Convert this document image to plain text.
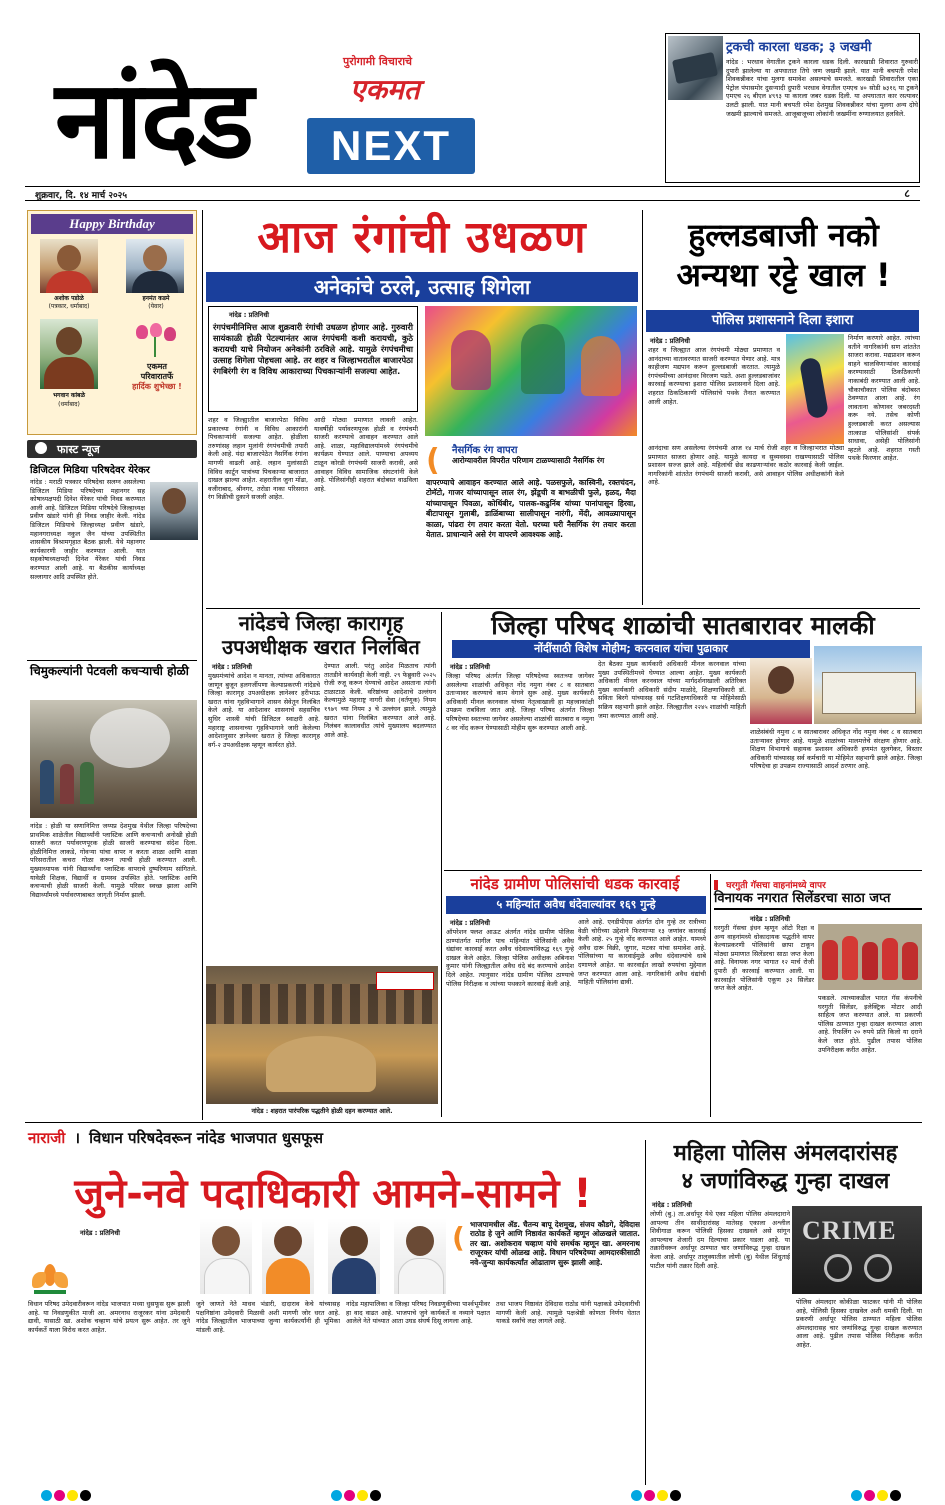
नांदेड	पुरोगामी विचाराचे
एकमत
NEXT
ट्रकची कारला धडक; ३ जखमी
नांदेड : भरधाव वेगातील ट्रकने कारला धडक दिली. कारखाडी शिवारात गुरुवारी दुपारी झालेल्या या अपघातात तिघे जण जखमी झाले. यात मानी बचपती रमेश शिवकन्नीकर यांचा मुलगा समावेश असल्याचे समजते. कारखडी शिवारातील एका पेट्रोल पंपासमोर दुसऱ्यादी दुपारी भरधाव वेगातील एमएच ४० सोडी ७३१६ या ट्रकने एमएच २६ बीएल ४९९३ या कारला जबर धडक दिली. या अपघातात कार रस्त्यावर उलटी झाली. यात मानी बचपती रमेश देशमुख शिवकन्नीकर यांचा मुलगा अन्य दोघे जखमी झाल्याचे समजते. आजूबाजूच्या लोकांनी जखमींना रुग्णालयात हलविले.
शुक्रवार, दि. १४ मार्च २०२५	८
Happy Birthday
अशोक पडोळे
(पत्रकार, धर्माबाद)
हनमंत कडमे
(येवार)
भगवान कांबळे
(धर्माबाद)
एकमत
परिवारातर्फे
हार्दिक शुभेच्छा !
फास्ट न्यूज
डिजिटल मिडिया परिषदेवर येरेकर
नांदेड : मराठी पत्रकार परिषदेचा सलग्न असलेल्या डिजिटल मिडिया परिषदेच्या महानगर सह कोषाध्यक्षपदी दिनेश येरेकर यांची निवड करण्यात आली आहे. डिजिटल मिडिया परिषदेचे जिल्हाध्यक्ष प्रवीण खंडारे यांनी ही निवड जाहीर केली. नांदेड डिजिटल मिडियाचे जिल्हाध्यक्ष प्रवीण खंडारे, महानगराध्यक्ष नकुल जैन यांच्या उपस्थितीत शासकीय विश्रामगृहात बैठक झाली. येथे महानगर कार्यकारणी जाहीर करण्यात आली. यात सहकोषाध्यक्षपदी दिनेश येरेकर यांची निवड करण्यात आली आहे. या बैठकीस कार्याध्यक्ष सल्लागार आदि उपस्थित होते.
चिमुकल्यांनी पेटवली कचऱ्याची होळी
नांदेड : होळी या सणानिमित्त जय्यप्र देशमुख येथील जिल्हा परिषदेच्या प्राथमिक शाळेतील विद्यार्थ्यांनी प्लास्टिक आणि कचऱ्याची अनोखी होळी साजरी करत पर्यावरणपूरक होळी साजरी करण्याचा संदेश दिला. होळीनिमित्त लाकडे, गोवऱ्या यांचा वापर न करता शाळा आणि शाळा परिसरातील कचरा गोळा करून त्याची होळी करण्यात आली. मुख्याध्यापक यांनी विद्यार्थ्यांना प्लास्टिक वापराचे दुष्परिणाम सांगितले. यावेळी शिक्षक, विद्यार्थी व ग्रामस्थ उपस्थित होते. प्लास्टिक आणि कचऱ्याची होळी साजरी केली. यामुळे परिसर स्वच्छ झाला आणि विद्यार्थ्यांमध्ये पर्यावरणाबाबत जागृती निर्माण झाली.
आज रंगांची उधळण
अनेकांचे ठरले, उत्साह शिगेला
नांदेड : प्रतिनिधी
रंगपंचमीनिमित्त आज शुक्रवारी रंगांची उधळण होणार आहे. गुरुवारी सायंकाळी होळी पेटल्यानंतर आज रंगपंचमी कशी करायची, कुठे करायची याचे नियोजन अनेकांनी ठरविले आहे. यामुळे रंगपंचमीचा उत्साह शिगेला पोहचला आहे. तर शहर व जिल्हाभरातील बाजारपेठा रंगबिरंगी रंग व विविध आकाराच्या पिचकाऱ्यांनी सजल्या आहेत.
शहर व जिल्ह्यातील बाजारपेठा विविध प्रकारच्या रंगांनी व विविध आकारांनी पिचकाऱ्यांनी सजल्या आहेत. होळीला तरुणांसह लहान मुलांनी रंगपंचमीची तयारी केली आहे. यंदा बाजारपेठेत नैसर्गिक रंगांना मागणी वाढली आहे. लहान मुलांसाठी विविध कार्टून पात्रांच्या पिचकाऱ्या बाजारात दाखल झाल्या आहेत. शहरातील जुना मोंढा, वजीराबाद, श्रीनगर, तरोडा नाका परिसरात रंग विक्रीची दुकाने सजली आहेत.
आदी मोठ्या प्रमाणात लावली आहेत. यावर्षीही पर्यावरणपूरक होळी व रंगपंचमी साजरी करण्याचे आवाहन करण्यात आले आहे. शाळा, महाविद्यालयांमध्ये रंगपंचमीचे कार्यक्रम घेण्यात आले. पाण्याचा अपव्यय टाळून कोरडी रंगपंचमी साजरी करावी, असे आवाहन विविध सामाजिक संघटनांनी केले आहे. पोलिसांनीही शहरात बंदोबस्त वाढविला आहे.
( नैसर्गिक रंग वापरा
आरोग्यावरील विपरीत परिणाम टाळण्यासाठी नैसर्गिक रंग
वापरण्याचे आवाहन करण्यात आले आहे. पळसफुले, कास्विनी, रक्तचंदन, टोमॅटो, गाजर यांच्यापासून लाल रंग, झेंडूची व बाभळीची फुले, हळद, मैदा यांच्यापासून पिवळा, कोथिंबीर, पालक-कढुनिंब यांच्या पानांपासून हिरवा, बीटापासून गुलाबी, डाळिंबाच्या सालीपासून नारंगी, मेंदी, आवळ्यापासून काळा, पांढरा रंग तयार करता येतो. घरच्या घरी नैसर्गिक रंग तयार करता येतात. प्राधान्याने असे रंग वापरणे आवश्यक आहे.
हुल्लडबाजी नको
अन्यथा रट्टे खाल !
पोलिस प्रशासनाने दिला इशारा
नांदेड : प्रतिनिधी
शहर व जिल्ह्यात आज रंगपंचमी मोठ्या प्रमाणात व आनंदाच्या वातावरणात साजरी करण्यात येणार आहे. मात्र काहीजण मद्यपान करून हुल्लडबाजी करतात. त्यामुळे रंगपंचमीच्या आनंदावर विरजण पडते. अशा हुल्लडबाजांवर कारवाई करण्याचा इशारा पोलिस प्रशासनाने दिला आहे. शहरात ठिकठिकाणी पोलिसांचे पथके तैनात करण्यात आली आहेत.
आनंदाचा सण असलेल्या रंगपंचमी आज १४ मार्च रोजी शहर व जिल्हाभरात मोठ्या प्रमाणात साजरा होणार आहे. यामुळे कायदा व सुव्यवस्था राखण्यासाठी पोलिस प्रशासन सज्ज झाले आहे. महिलांची छेड काढणाऱ्यांवर कठोर कारवाई केली जाईल. नागरिकांनी शांततेत रंगपंचमी साजरी करावी, असे आवाहन पोलिस अधीक्षकांनी केले आहे.
निर्माण करणारे आहेत. त्यांच्या वतीने नागरिकांनी सण शांततेत साजरा करावा. मद्यप्राशन करून वाहने चालविणाऱ्यांवर कारवाई करण्यासाठी ठिकठिकाणी नाकाबंदी करण्यात आली आहे. चौकाचौकात पोलिस बंदोबस्त ठेवण्यात आला आहे. रंग लावताना कोणावर जबरदस्ती करू नये. तसेच कोणी हुल्लडबाजी करत असल्यास तात्काळ पोलिसांशी संपर्क साधावा, असेही पोलिसांनी म्हटले आहे. शहरात गस्ती पथके फिरणार आहेत.
नांदेडचे जिल्हा कारागृह
उपअधीक्षक खरात निलंबित
नांदेड : प्रतिनिधी
मुख्यमंत्र्यांचे आदेश न मानता, त्यांच्या अधिकारात जाणून बुजून हलगर्जीपणा केल्याप्रकरणी नांदेडचे जिल्हा कारागृह उपअधीक्षक ज्ञानेश्वर हरीभाऊ खरात यांना गृहविभागाने शासन सेवेतून निलंबित केले आहे. या आदेशावर शासनाचे सहसचिव सुधिर शास्त्री यांची डिजिटल स्वाक्षरी आहे. महाराष्ट्र शासनाच्या गृहविभागाने जारी केलेल्या आदेशानुसार ज्ञानेश्वर खरात हे जिल्हा कारागृह वर्ग-२ उपअधीक्षक म्हणून कार्यरत होते.
देण्यात आली. परंतु आदेश मिळताच त्यांनी तातडीने कार्यवाही केली नाही. २९ फेब्रुवारी २०२५ रोजी रुजू करून घेण्याचे आदेश असताना त्यांनी टाळाटाळ केली. वरिष्ठांच्या आदेशाचे उल्लंघन केल्यामुळे महाराष्ट्र नागरी सेवा (वर्तणूक) नियम १९७९ च्या नियम ३ चे उल्लंघन झाले. त्यामुळे खरात यांना निलंबित करण्यात आले आहे. निलंबन कालावधीत त्यांचे मुख्यालय बदलण्यात आले आहे.
नांदेड : शहरात पारंपरिक पद्धतीने होळी दहन करण्यात आले.
जिल्हा परिषद शाळांची सातबारावर मालकी
नोंदींसाठी विशेष मोहीम; करनवाल यांचा पुढाकार
नांदेड : प्रतिनिधी
जिल्हा परिषद अंतर्गत जिल्हा परिषदेच्या स्वतःच्या जागेवर असलेल्या शाळांची अधिकृत नोंद नमुना नंबर ८ व सातबारा उताऱ्यावर करण्याचे काम वेगाने सुरू आहे. मुख्य कार्यकारी अधिकारी मीनल करनवाल यांच्या नेतृत्वाखाली हा महत्त्वाकांक्षी उपक्रम राबविला जात आहे. जिल्हा परिषद अंतर्गत जिल्हा परिषदेच्या स्वतःच्या जागेवर असलेल्या शाळांची सातबारा व नमुना ८ वर नोंद करून घेण्यासाठी मोहीम सुरू करण्यात आली आहे.
देत बैठका मुख्य कार्यकारी अधिकारी मीनल करनवाल यांच्या मुख्य उपस्थितीमध्ये घेण्यात आल्या आहेत. मुख्य कार्यकारी अधिकारी मीनल करनवाल यांच्या मार्गदर्शनाखाली अतिरिक्त मुख्य कार्यकारी अधिकारी संदीप माळोदे, शिक्षणाधिकारी डॉ. सविता बिरगे यांच्यासह सर्व गटशिक्षणाधिकारी या मोहिमेसाठी सक्रिय सहभागी झाले आहेत. जिल्ह्यातील २२४५ शाळांची माहिती जमा करण्यात आली आहे.
शाळेसंबंधी नमुना ८ व सातबारावर अधिकृत नोंद नमुना नंबर ८ व सातबारा उताऱ्यावर होणार आहे. यामुळे शाळांच्या मालमत्तेचे संरक्षण होणार आहे. शिक्षण विभागाचे सहायक प्रशासन अधिकारी हणमंत सुलगेकर, विस्तार अधिकारी यांच्यासह सर्व कर्मचारी या मोहिमेत सहभागी झाले आहेत. जिल्हा परिषदेचा हा उपक्रम राज्यासाठी आदर्श ठरणार आहे.
नांदेड ग्रामीण पोलिसांची धडक कारवाई
५ महिन्यांत अवैध धंदेवाल्यांवर १६९ गुन्हे
नांदेड : प्रतिनिधी
ऑपरेशन फ्लश आऊट अंतर्गत नांदेड ग्रामीण पोलिस ठाण्यांतर्गत मागील पाच महिन्यांत पोलिसांनी अवैध धंद्यांवर कारवाई करत अवैध धंदेवाल्यांविरुद्ध १६९ गुन्हे दाखल केले आहेत. जिल्हा पोलिस अधीक्षक अबिनाश कुमार यांनी जिल्ह्यातील अवैध धंदे बंद करण्याचे आदेश दिले आहेत. त्यानुसार नांदेड ग्रामीण पोलिस ठाण्याचे पोलिस निरीक्षक व त्यांच्या पथकाने कारवाई केली आहे.
आले आहे. एनडीपीएस अंतर्गत दोन गुन्हे तर रात्रीच्या वेळी चोरीच्या उद्देशाने फिरणाऱ्या १३ जणांवर कारवाई केली आहे. २५ गुन्हे नोंद करण्यात आले आहेत. यामध्ये अवैध दारू विक्री, जुगार, मटका यांचा समावेश आहे. पोलिसांच्या या कारवाईमुळे अवैध धंदेवाल्यांचे धाबे दणाणले आहेत. या कारवाईत लाखो रुपयांचा मुद्देमाल जप्त करण्यात आला आहे. नागरिकांनी अवैध धंद्यांची माहिती पोलिसांना द्यावी.
घरगुती गॅसचा वाहनांमध्ये वापर
विनायक नगरात सिलेंडरचा साठा जप्त
नांदेड : प्रतिनिधी
घरगुती गॅसचा इंधन म्हणून ऑटो रिक्षा व अन्य वाहनांमध्ये धोकादायक पद्धतीने वापर केल्याप्रकरणी पोलिसांनी छापा टाकून मोठ्या प्रमाणात सिलेंडरचा साठा जप्त केला आहे. विनायक नगर भागात १२ मार्च रोजी दुपारी ही कारवाई करण्यात आली. या कारवाईत पोलिसांनी एकूण ३२ सिलेंडर जप्त केले आहेत.
पकडले. त्याच्याकडील भारत गॅस कंपनीचे घरगुती सिलेंडर, इलेक्ट्रिक मोटार आदी साहित्य जप्त करण्यात आले. या प्रकरणी पोलिस ठाण्यात गुन्हा दाखल करण्यात आला आहे. रिफलिंग २० रुपये प्रति किलो या दराने केले जात होते. पुढील तपास पोलिस उपनिरीक्षक करीत आहेत.
नाराजी । विधान परिषदेवरून नांदेड भाजपात धुसफूस
जुने-नवे पदाधिकारी आमने-सामने !
नांदेड : प्रतिनिधी	( भाजपामधील ॲड. चैतन्य बापू देशमुख, संजय कौडगे, देविदास राठोड हे जुने आणि निष्ठावंत कार्यकर्ते म्हणून ओळखले जातात. तर खा. अशोकराव चव्हाण यांचे समर्थक म्हणून खा. अमरनाथ राजूरकर यांची ओळख आहे. विधान परिषदेच्या आमदारकीसाठी नवे-जुन्या कार्यकर्त्यांत ओढाताण सुरू झाली आहे.
विधान परिषद उमेदवारीवरून नांदेड भाजपात मध्या धुसफूस सुरू झाली आहे. या निवडणुकीत माजी आ. अमरनाथ राजूरकर यांना उमेदवारी द्यावी, यासाठी खा. अशोक चव्हाण यांचे प्रयत्न सुरू आहेत. तर जुने कार्यकर्ते याला विरोध करत आहेत.
जुने जाणते नेते माधव भंडारी, दादाराव केचे यांच्यासह पक्षनिष्ठांना उमेदवारी मिळावी अशी मागणी जोर धरत आहे. नांदेड जिल्ह्यातील भाजपाच्या जुन्या कार्यकर्त्यांनी ही भूमिका मांडली आहे.
नांदेड महापालिका व जिल्हा परिषद निवडणुकीच्या पार्श्वभूमीवर हा वाद वाढत आहे. भाजपाचे जुने कार्यकर्ते व नव्याने पक्षात आलेले नेते यांच्यात आता उघड संघर्ष दिसू लागला आहे.
तथा भाजप निष्ठावंत देविदास राठोड यांनी पक्षाकडे उमेदवारीची मागणी केली आहे. त्यामुळे पक्षश्रेष्ठी कोणता निर्णय घेतात याकडे सर्वांचे लक्ष लागले आहे.
महिला पोलिस अंमलदारांसह
४ जणांविरुद्ध गुन्हा दाखल
नांदेड : प्रतिनिधी
CRIME
लोणी (बु.) ता.अर्धापूर येथे एका महिला पोलिस अंमलदाराने आपल्या तीन साथीदारांसह मातेसह एकाला अश्लील शिवीगाळ करून पोलिसी हिसका दाखवले असे सांगून आपल्याच शेजारी दम दिल्याचा प्रकार घडला आहे. या तक्रारीवरून अर्धापूर ठाण्यात चार जणांविरुद्ध गुन्हा दाखल केला आहे. अर्धापूर तालुक्यातील लोणी (बु) येथील शिंधुताई पाटील यांनी तक्रार दिली आहे.
पोलिस अंमलदार कोकीळा फाटकर यांनी मी पोलिस आहे, पोलिसी हिसका दाखवेल अशी धमकी दिली. या प्रकरणी अर्धापूर पोलिस ठाण्यात महिला पोलिस अंमलदारासह चार जणांविरुद्ध गुन्हा दाखल करण्यात आला आहे. पुढील तपास पोलिस निरीक्षक करीत आहेत.
